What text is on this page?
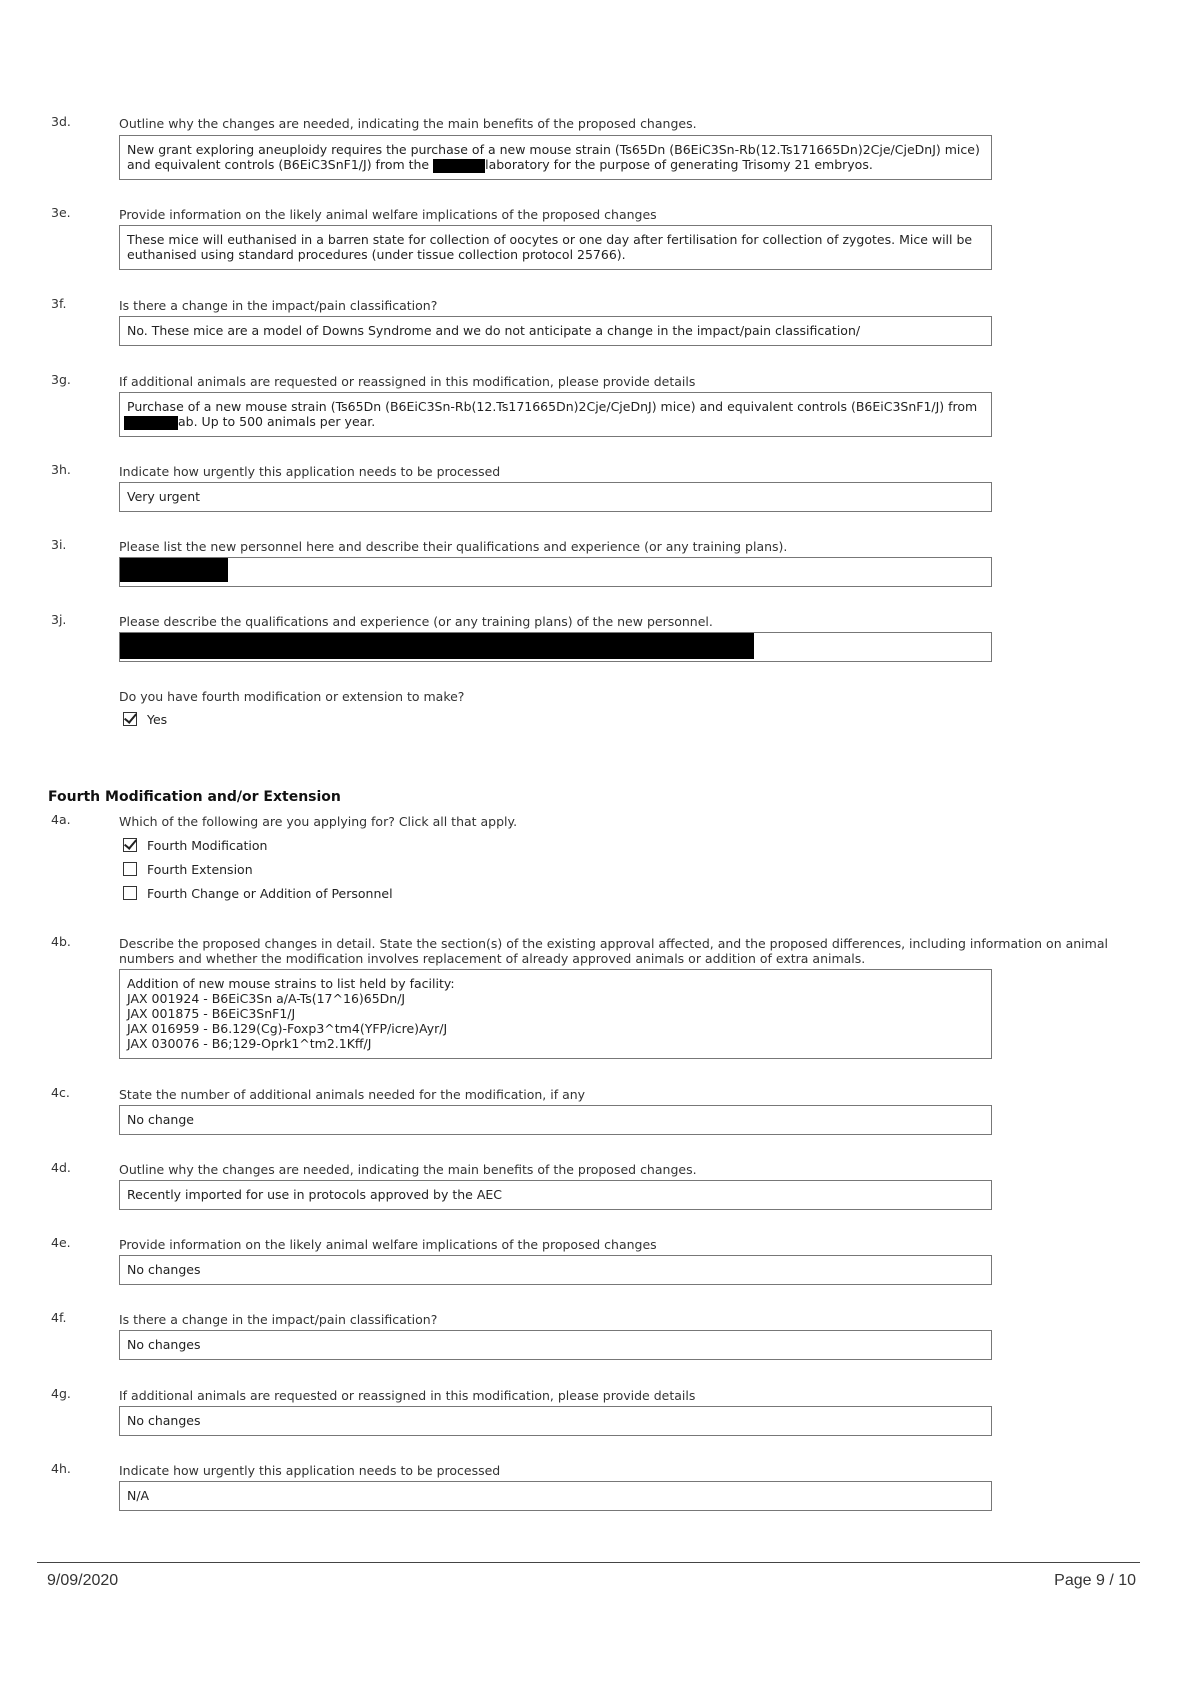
3d.	Outline why the changes are needed, indicating the main benefits of the proposed changes.
New grant exploring aneuploidy requires the purchase of a new mouse strain (Ts65Dn (B6EiC3Sn-Rb(12.Ts171665Dn)2Cje/CjeDnJ) mice) and equivalent controls (B6EiC3SnF1/J) from the	laboratory for the purpose of generating Trisomy 21 embryos.
3e.	Provide information on the likely animal welfare implications of the proposed changes
These mice will euthanised in a barren state for collection of oocytes or one day after fertilisation for collection of zygotes. Mice will be euthanised using standard procedures (under tissue collection protocol 25766).
3f.	Is there a change in the impact/pain classification?
No. These mice are a model of Downs Syndrome and we do not anticipate a change in the impact/pain classification/
3g.	If additional animals are requested or reassigned in this modification, please provide details
Purchase of a new mouse strain (Ts65Dn (B6EiC3Sn-Rb(12.Ts171665Dn)2Cje/CjeDnJ) mice) and equivalent controls (B6EiC3SnF1/J) from
ab. Up to 500 animals per year.
3h.	Indicate how urgently this application needs to be processed
Very urgent
3i.	Please list the new personnel here and describe their qualifications and experience (or any training plans).

3j.	Please describe the qualifications and experience (or any training plans) of the new personnel.

Do you have fourth modification or extension to make?
Yes
Fourth Modification and/or Extension
4a.	Which of the following are you applying for? Click all that apply.
Fourth Modification
Fourth Extension
Fourth Change or Addition of Personnel
4b.	Describe the proposed changes in detail. State the section(s) of the existing approval affected, and the proposed differences, including information on animal numbers and whether the modification involves replacement of already approved animals or addition of extra animals.
Addition of new mouse strains to list held by facility:
JAX 001924 - B6EiC3Sn a/A-Ts(17^16)65Dn/J
JAX 001875 - B6EiC3SnF1/J
JAX 016959 - B6.129(Cg)-Foxp3^tm4(YFP/icre)Ayr/J
JAX 030076 - B6;129-Oprk1^tm2.1Kff/J
4c.	State the number of additional animals needed for the modification, if any
No change
4d.	Outline why the changes are needed, indicating the main benefits of the proposed changes.
Recently imported for use in protocols approved by the AEC
4e.	Provide information on the likely animal welfare implications of the proposed changes
No changes
4f.	Is there a change in the impact/pain classification?
No changes
4g.	If additional animals are requested or reassigned in this modification, please provide details
No changes
4h.	Indicate how urgently this application needs to be processed
N/A
9/09/2020	Page 9 / 10
